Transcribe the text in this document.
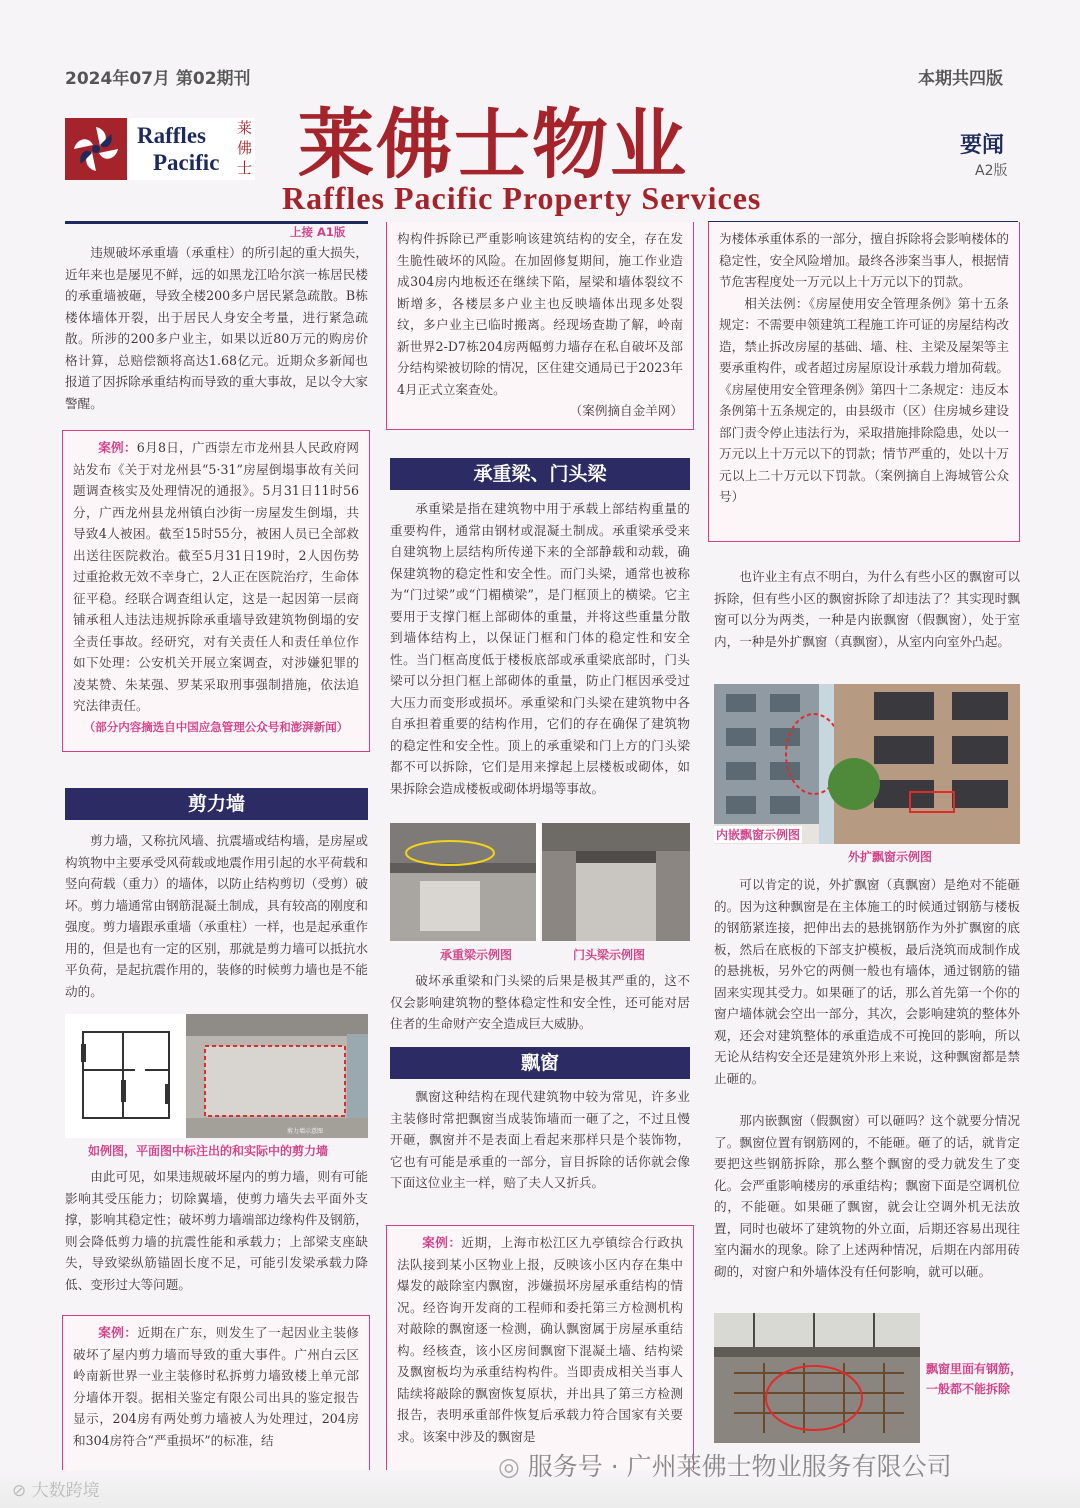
2024年07月 第02期刊	本期共四版
Raffles
Pacific
莱佛士 莱佛士物业
Raffles Pacific Property Services
要闻
A2版
上接 A1版
违规破坏承重墙（承重柱）的所引起的重大损失，近年来也是屡见不鲜，远的如黑龙江哈尔滨一栋居民楼的承重墙被砸，导致全楼200多户居民紧急疏散。B栋楼体墙体开裂，出于居民人身安全考量，进行紧急疏散。所涉的200多户业主，如果以近80万元的购房价格计算，总赔偿额将高达1.68亿元。近期众多新闻也报道了因拆除承重结构而导致的重大事故，足以令大家警醒。
案例：6月8日，广西崇左市龙州县人民政府网站发布《关于对龙州县“5·31”房屋倒塌事故有关问题调查核实及处理情况的通报》。5月31日11时56分，广西龙州县龙州镇白沙街一房屋发生倒塌，共导致4人被困。截至15时55分，被困人员已全部救出送往医院救治。截至5月31日19时，2人因伤势过重抢救无效不幸身亡，2人正在医院治疗，生命体征平稳。经联合调查组认定，这是一起因第一层商铺承租人违法违规拆除承重墙导致建筑物倒塌的安全责任事故。经研究，对有关责任人和责任单位作如下处理：公安机关开展立案调查，对涉嫌犯罪的凌某赞、朱某强、罗某采取刑事强制措施，依法追究法律责任。
（部分内容摘选自中国应急管理公众号和澎湃新闻）
剪力墙
剪力墙，又称抗风墙、抗震墙或结构墙，是房屋或构筑物中主要承受风荷载或地震作用引起的水平荷载和竖向荷载（重力）的墙体，以防止结构剪切（受剪）破坏。剪力墙通常由钢筋混凝土制成，具有较高的刚度和强度。剪力墙跟承重墙（承重柱）一样，也是起承重作用的，但是也有一定的区别，那就是剪力墙可以抵抗水平负荷，是起抗震作用的，装修的时候剪力墙也是不能动的。
剪力墙示意图
如例图，平面图中标注出的和实际中的剪力墙
由此可见，如果违规破坏屋内的剪力墙，则有可能影响其受压能力；切除翼墙，使剪力墙失去平面外支撑，影响其稳定性；破坏剪力墙端部边缘构件及钢筋，则会降低剪力墙的抗震性能和承载力；上部梁支座缺失，导致梁纵筋锚固长度不足，可能引发梁承载力降低、变形过大等问题。
案例：近期在广东，则发生了一起因业主装修破坏了屋内剪力墙而导致的重大事件。广州白云区岭南新世界一业主装修时私拆剪力墙致楼上单元部分墙体开裂。据相关鉴定有限公司出具的鉴定报告显示，204房有两处剪力墙被人为处理过，204房和304房符合“严重损坏”的标准，结
构构件拆除已严重影响该建筑结构的安全，存在发生脆性破坏的风险。在加固修复期间，施工作业造成304房内地板还在继续下陷，屋梁和墙体裂纹不断增多，各楼层多户业主也反映墙体出现多处裂纹，多户业主已临时搬离。经现场查勘了解，岭南新世界2-D7栋204房两幅剪力墙存在私自破坏及部分结构梁被切除的情况，区住建交通局已于2023年4月正式立案查处。
（案例摘自金羊网）
承重梁、门头梁
承重梁是指在建筑物中用于承载上部结构重量的重要构件，通常由钢材或混凝土制成。承重梁承受来自建筑物上层结构所传递下来的全部静载和动载，确保建筑物的稳定性和安全性。而门头梁，通常也被称为“门过梁”或“门楣横梁”，是门框顶上的横梁。它主要用于支撑门框上部砌体的重量，并将这些重量分散到墙体结构上，以保证门框和门体的稳定性和安全性。当门框高度低于楼板底部或承重梁底部时，门头梁可以分担门框上部砌体的重量，防止门框因承受过大压力而变形或损坏。承重梁和门头梁在建筑物中各自承担着重要的结构作用，它们的存在确保了建筑物的稳定性和安全性。顶上的承重梁和门上方的门头梁都不可以拆除，它们是用来撑起上层楼板或砌体，如果拆除会造成楼板或砌体坍塌等事故。
承重梁示例图	门头梁示例图
破坏承重梁和门头梁的后果是极其严重的，这不仅会影响建筑物的整体稳定性和安全性，还可能对居住者的生命财产安全造成巨大威胁。
飘窗
飘窗这种结构在现代建筑物中较为常见，许多业主装修时常把飘窗当成装饰墙而一砸了之，不过且慢开砸，飘窗并不是表面上看起来那样只是个装饰物，它也有可能是承重的一部分，盲目拆除的话你就会像下面这位业主一样，赔了夫人又折兵。
案例：近期，上海市松江区九亭镇综合行政执法队接到某小区物业上报，反映该小区内存在集中爆发的敲除室内飘窗，涉嫌损坏房屋承重结构的情况。经咨询开发商的工程师和委托第三方检测机构对敲除的飘窗逐一检测，确认飘窗属于房屋承重结构。经核查，该小区房间飘窗下混凝土墙、结构梁及飘窗板均为承重结构构件。当即责成相关当事人陆续将敲除的飘窗恢复原状，并出具了第三方检测报告，表明承重部件恢复后承载力符合国家有关要求。该案中涉及的飘窗是
为楼体承重体系的一部分，擅自拆除将会影响楼体的稳定性，安全风险增加。最终各涉案当事人，根据情节危害程度处一万元以上十万元以下的罚款。
相关法例：《房屋使用安全管理条例》第十五条规定：不需要申领建筑工程施工许可证的房屋结构改造，禁止拆改房屋的基础、墙、柱、主梁及屋架等主要承重构件，或者超过房屋原设计承载力增加荷载。《房屋使用安全管理条例》第四十二条规定：违反本条例第十五条规定的，由县级市（区）住房城乡建设部门责令停止违法行为，采取措施排除隐患，处以一万元以上十万元以下的罚款；情节严重的，处以十万元以上二十万元以下罚款。（案例摘自上海城管公众号）
也许业主有点不明白，为什么有些小区的飘窗可以拆除，但有些小区的飘窗拆除了却违法了？其实现时飘窗可以分为两类，一种是内嵌飘窗（假飘窗），处于室内，一种是外扩飘窗（真飘窗），从室内向室外凸起。
内嵌飘窗示例图
外扩飘窗示例图
可以肯定的说，外扩飘窗（真飘窗）是绝对不能砸的。因为这种飘窗是在主体施工的时候通过钢筋与楼板的钢筋紧连接，把伸出去的悬挑钢筋作为外扩飘窗的底板，然后在底板的下部支护模板，最后浇筑而成制作成的悬挑板，另外它的两侧一般也有墙体，通过钢筋的锚固来实现其受力。如果砸了的话，那么首先第一个你的窗户墙体就会空出一部分，其次，会影响建筑的整体外观，还会对建筑整体的承重造成不可挽回的影响，所以无论从结构安全还是建筑外形上来说，这种飘窗都是禁止砸的。
那内嵌飘窗（假飘窗）可以砸吗？这个就要分情况了。飘窗位置有钢筋网的，不能砸。砸了的话，就肯定要把这些钢筋拆除，那么整个飘窗的受力就发生了变化。会严重影响楼房的承重结构；飘窗下面是空调机位的，不能砸。如果砸了飘窗，就会让空调外机无法放置，同时也破坏了建筑物的外立面，后期还容易出现往室内漏水的现象。除了上述两种情况，后期在内部用砖砌的，对窗户和外墙体没有任何影响，就可以砸。
飘窗里面有钢筋，
一般都不能拆除
⊘ 大数跨境
◎ 服务号 · 广州莱佛士物业服务有限公司
